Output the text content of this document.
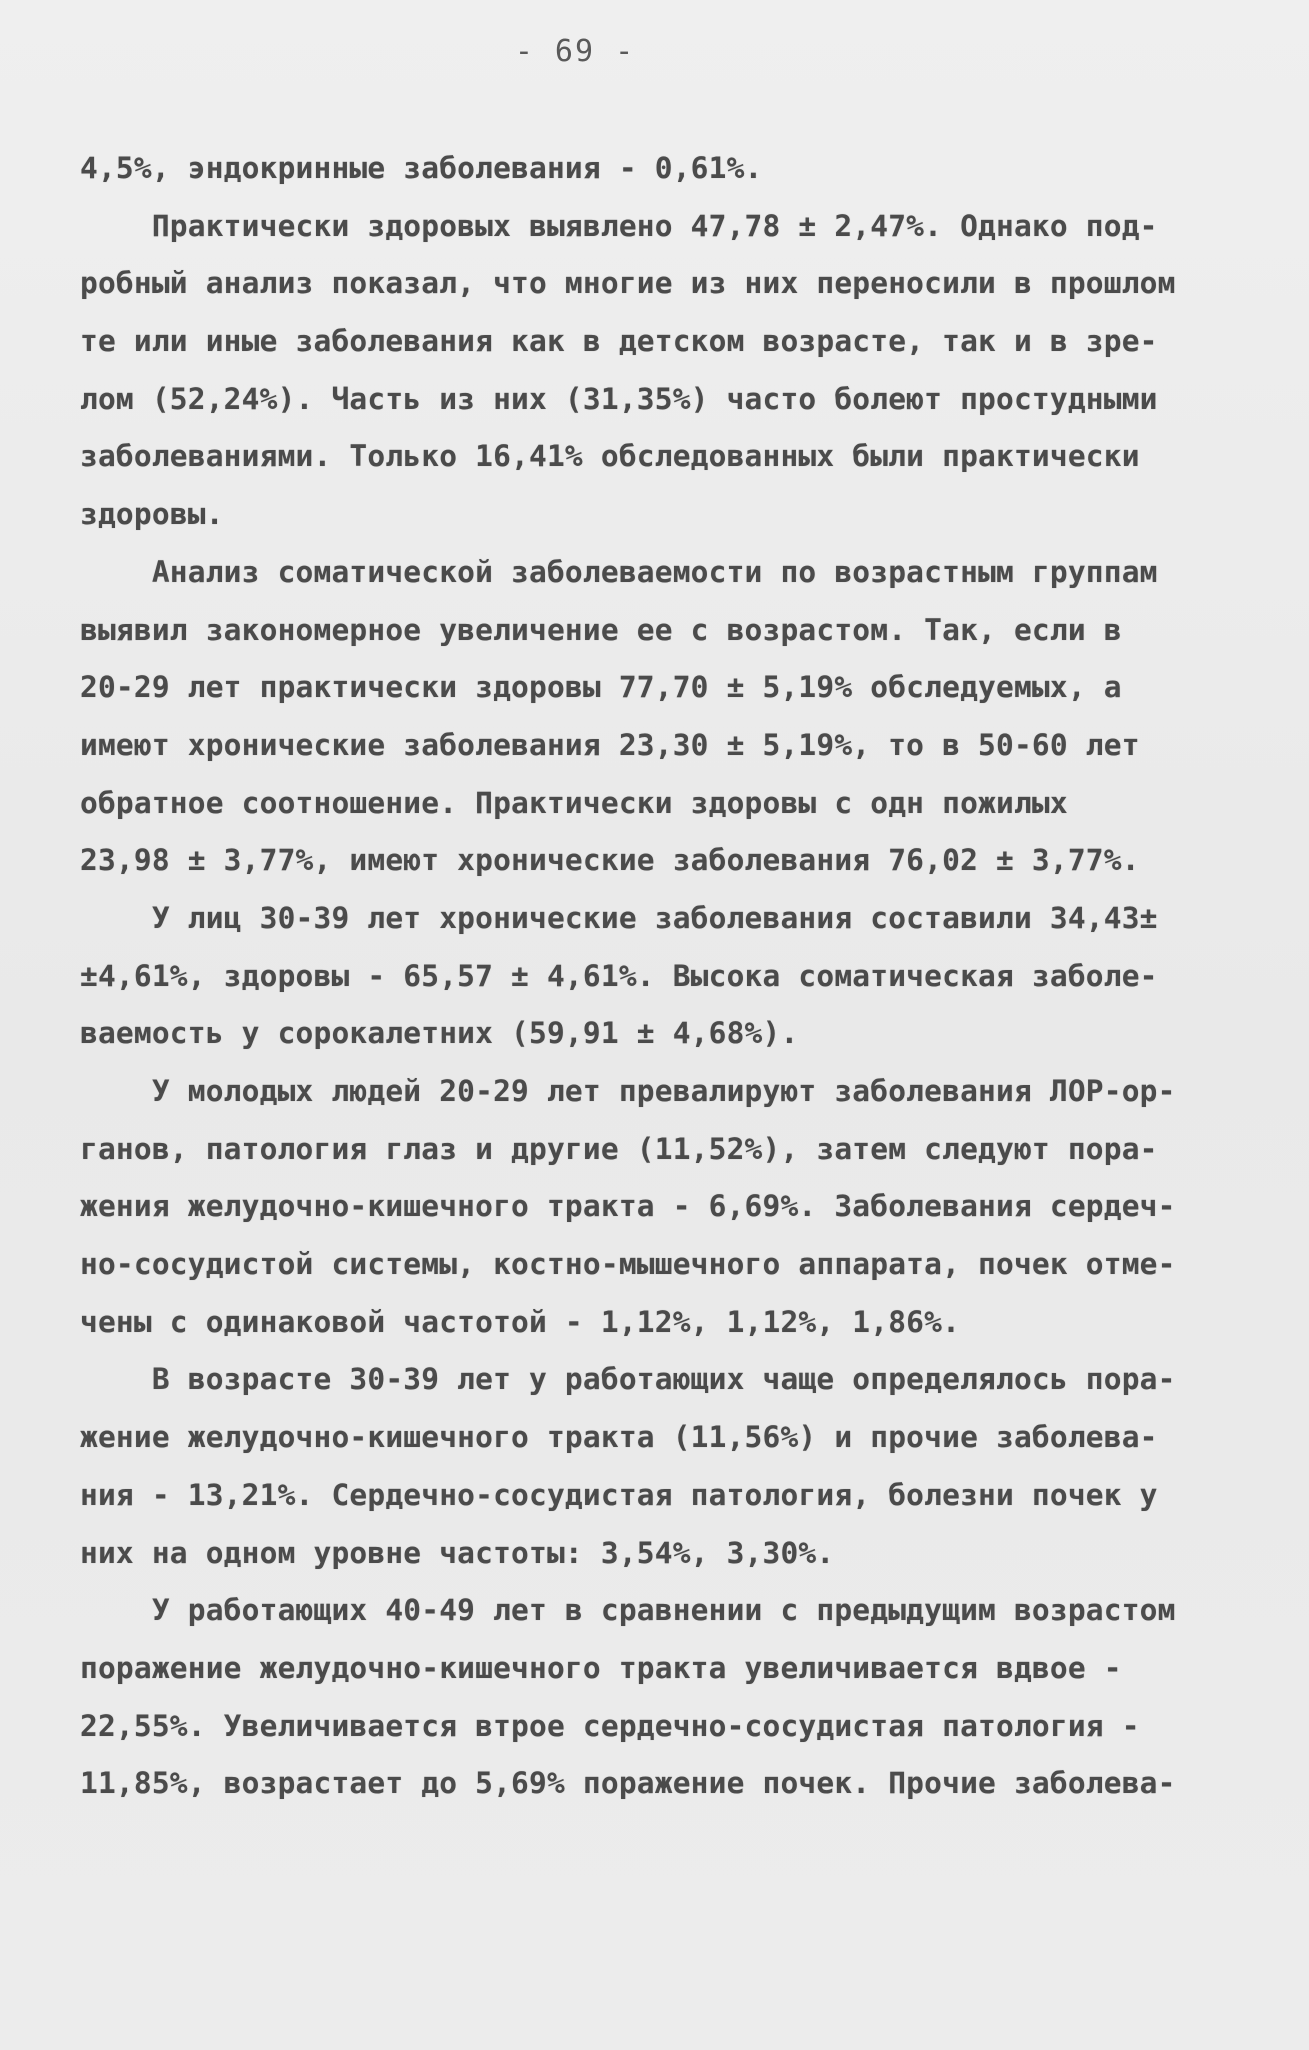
- 69 -
4,5%, эндокринные заболевания - 0,61%.
Практически здоровых выявлено 47,78 ± 2,47%. Однако под-
робный анализ показал, что многие из них переносили в прошлом
те или иные заболевания как в детском возрасте, так и в зре-
лом (52,24%). Часть из них (31,35%) часто болеют простудными
заболеваниями. Только 16,41% обследованных были практически
здоровы.
Анализ соматической заболеваемости по возрастным группам
выявил закономерное увеличение ее с возрастом. Так, если в
20-29 лет практически здоровы 77,70 ± 5,19% обследуемых, а
имеют хронические заболевания 23,30 ± 5,19%, то в 50-60 лет
обратное соотношение. Практически здоровы с одн пожилых
23,98 ± 3,77%, имеют хронические заболевания 76,02 ± 3,77%.
У лиц 30-39 лет хронические заболевания составили 34,43±
±4,61%, здоровы - 65,57 ± 4,61%. Высока соматическая заболе-
ваемость у сорокалетних (59,91 ± 4,68%).
У молодых людей 20-29 лет превалируют заболевания ЛОР-ор-
ганов, патология глаз и другие (11,52%), затем следуют пора-
жения желудочно-кишечного тракта - 6,69%. Заболевания сердеч-
но-сосудистой системы, костно-мышечного аппарата, почек отме-
чены с одинаковой частотой - 1,12%, 1,12%, 1,86%.
В возрасте 30-39 лет у работающих чаще определялось пора-
жение желудочно-кишечного тракта (11,56%) и прочие заболева-
ния - 13,21%. Сердечно-сосудистая патология, болезни почек у
них на одном уровне частоты: 3,54%, 3,30%.
У работающих 40-49 лет в сравнении с предыдущим возрастом
поражение желудочно-кишечного тракта увеличивается вдвое -
22,55%. Увеличивается втрое сердечно-сосудистая патология -
11,85%, возрастает до 5,69% поражение почек. Прочие заболева-
